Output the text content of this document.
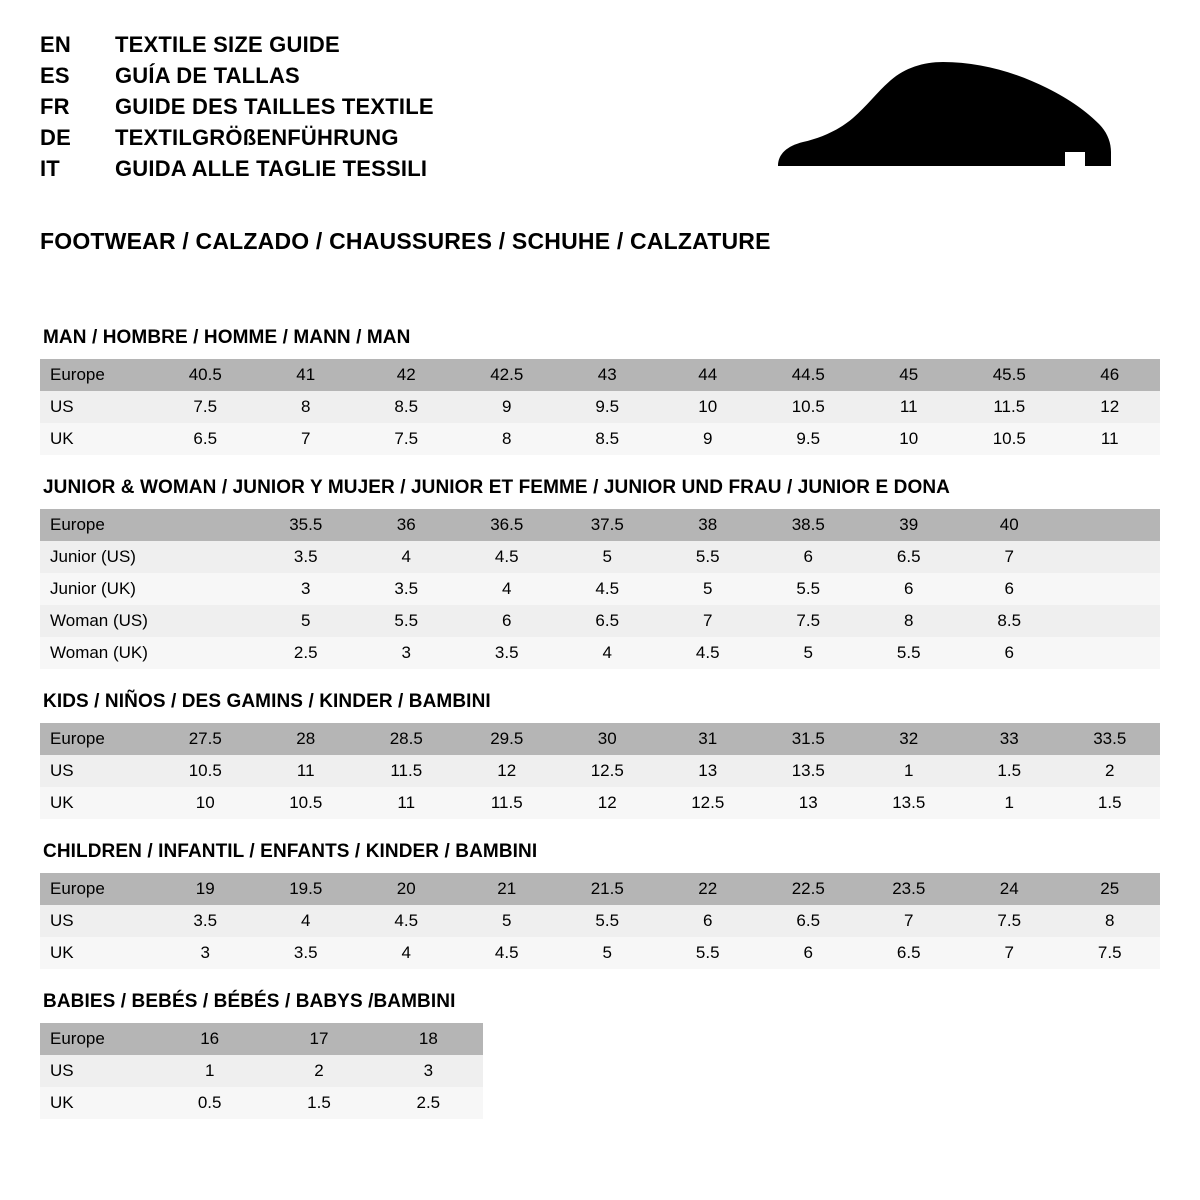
EN	TEXTILE SIZE GUIDE
ES	GUÍA DE TALLAS
FR	GUIDE DES TAILLES TEXTILE
DE	TEXTILGRÖßENFÜHRUNG
IT	GUIDA ALLE TAGLIE TESSILI
FOOTWEAR / CALZADO / CHAUSSURES / SCHUHE / CALZATURE
MAN / HOMBRE / HOMME / MANN / MAN
Europe	40.5	41	42	42.5	43	44	44.5	45	45.5	46
US	7.5	8	8.5	9	9.5	10	10.5	11	11.5	12
UK	6.5	7	7.5	8	8.5	9	9.5	10	10.5	11
JUNIOR & WOMAN / JUNIOR Y MUJER / JUNIOR ET FEMME / JUNIOR UND FRAU / JUNIOR E DONA
Europe		35.5	36	36.5	37.5	38	38.5	39	40	
Junior (US)		3.5	4	4.5	5	5.5	6	6.5	7	
Junior (UK)		3	3.5	4	4.5	5	5.5	6	6	
Woman (US)		5	5.5	6	6.5	7	7.5	8	8.5	
Woman (UK)		2.5	3	3.5	4	4.5	5	5.5	6	
KIDS / NIÑOS / DES GAMINS / KINDER / BAMBINI
Europe	27.5	28	28.5	29.5	30	31	31.5	32	33	33.5
US	10.5	11	11.5	12	12.5	13	13.5	1	1.5	2
UK	10	10.5	11	11.5	12	12.5	13	13.5	1	1.5
CHILDREN / INFANTIL / ENFANTS / KINDER / BAMBINI
Europe	19	19.5	20	21	21.5	22	22.5	23.5	24	25
US	3.5	4	4.5	5	5.5	6	6.5	7	7.5	8
UK	3	3.5	4	4.5	5	5.5	6	6.5	7	7.5
BABIES / BEBÉS / BÉBÉS / BABYS /BAMBINI
Europe	16	17	18
US	1	2	3
UK	0.5	1.5	2.5
